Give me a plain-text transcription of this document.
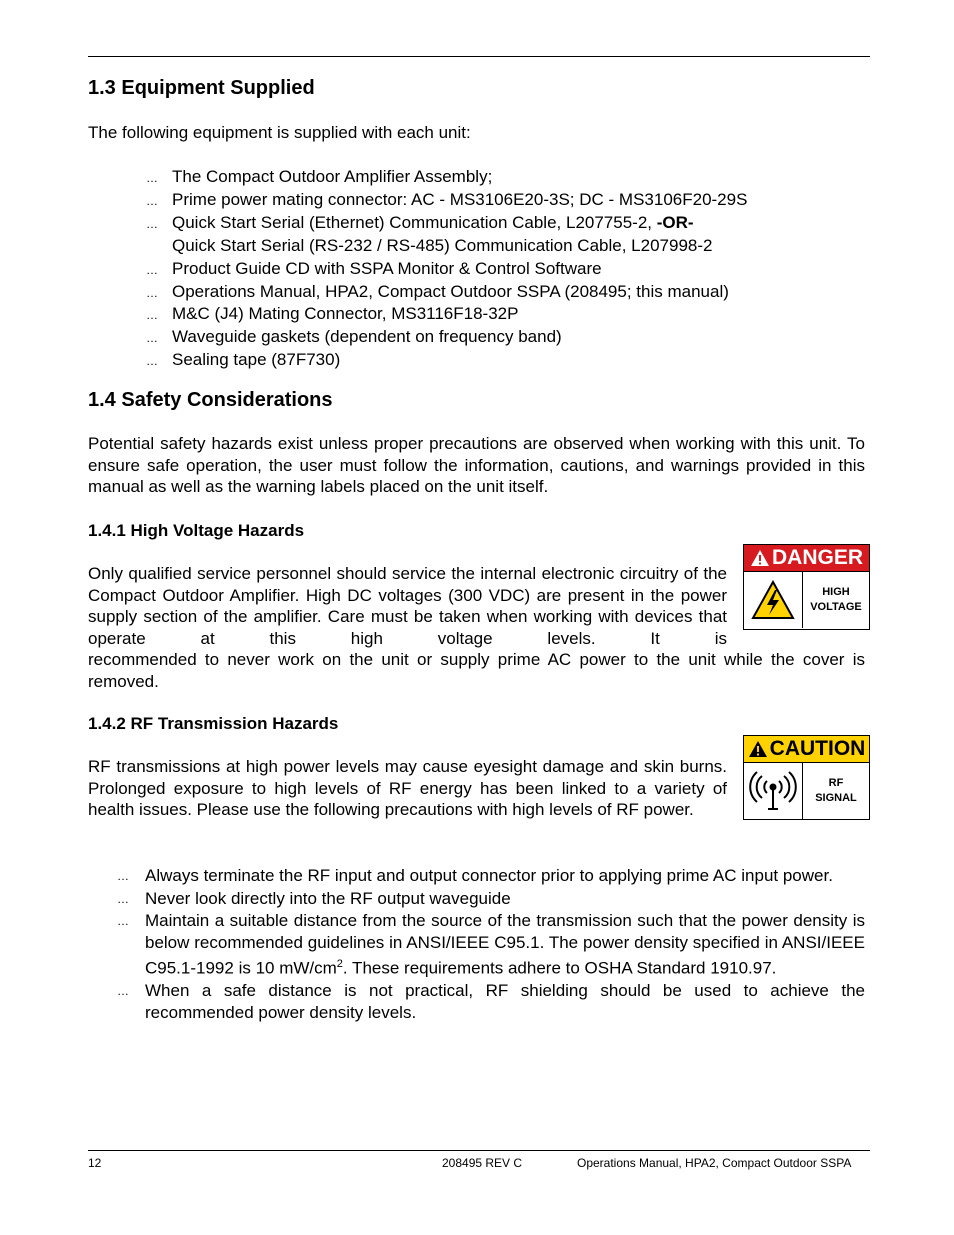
1.3 Equipment Supplied
The following equipment is supplied with each unit:
… The Compact Outdoor Amplifier Assembly;
… Prime power mating connector: AC - MS3106E20-3S; DC - MS3106F20-29S
… Quick Start Serial (Ethernet) Communication Cable, L207755-2, -OR-
Quick Start Serial (RS-232 / RS-485) Communication Cable, L207998-2
… Product Guide CD with SSPA Monitor & Control Software
… Operations Manual, HPA2, Compact Outdoor SSPA (208495; this manual)
… M&C (J4) Mating Connector, MS3116F18-32P
… Waveguide gaskets (dependent on frequency band)
… Sealing tape (87F730)
1.4 Safety Considerations
Potential safety hazards exist unless proper precautions are observed when working with this unit. To ensure safe operation, the user must follow the information, cautions, and warnings provided in this manual as well as the warning labels placed on the unit itself.
1.4.1 High Voltage Hazards
Only qualified service personnel should service the internal electronic circuitry of the Compact Outdoor Amplifier. High DC voltages (300 VDC) are present in the power supply section of the amplifier. Care must be taken when working with devices that operate at this high voltage levels. It is
recommended to never work on the unit or supply prime AC power to the unit while the cover is removed.
DANGER
HIGH
VOLTAGE
1.4.2 RF Transmission Hazards
RF transmissions at high power levels may cause eyesight damage and skin burns. Prolonged exposure to high levels of RF energy has been linked to a variety of health issues. Please use the following precautions with high levels of RF power.
CAUTION
RF
SIGNAL
… Always terminate the RF input and output connector prior to applying prime AC input power.
… Never look directly into the RF output waveguide
… Maintain a suitable distance from the source of the transmission such that the power density is below recommended guidelines in ANSI/IEEE C95.1. The power density specified in ANSI/IEEE C95.1-1992 is 10 $mW/cm^2$. These requirements adhere to OSHA Standard 1910.97.
… When a safe distance is not practical, RF shielding should be used to achieve the recommended power density levels.
12	208495 REV C	Operations Manual, HPA2, Compact Outdoor SSPA
